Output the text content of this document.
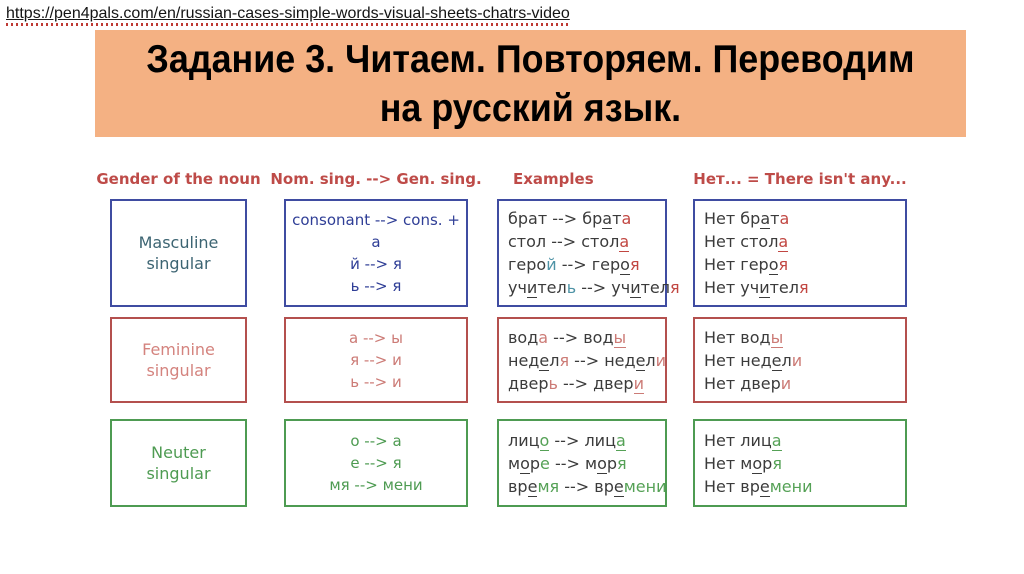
https://pen4pals.com/en/russian-cases-simple-words-visual-sheets-chatrs-video
Задание 3. Читаем. Повторяем. Переводим
на русский язык.
Gender of the noun Nom. sing. --> Gen. sing.	Examples	Нет... = There isn't any...
Masculine
singular
consonant --> cons. + a
й --> я
ь --> я
брат --> брата
стол --> стола
герой --> героя
учитель --> учителя
Нет брата
Нет стола
Нет героя
Нет учителя
Feminine
singular
а --> ы
я --> и
ь --> и
вода --> воды
неделя --> недели
дверь --> двери
Нет воды
Нет недели
Нет двери
Neuter
singular
о --> а
е --> я
мя --> мени
лицо --> лица
море --> моря
время --> времени
Нет лица
Нет моря
Нет времени
